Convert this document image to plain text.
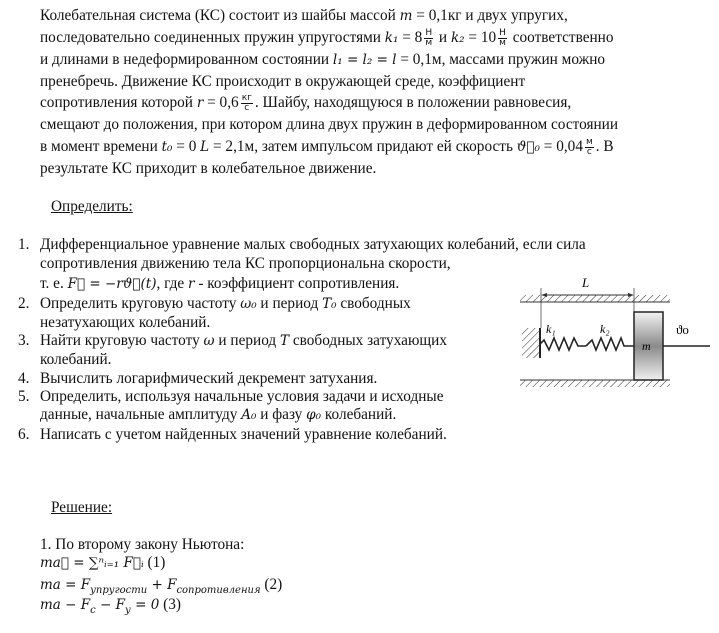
Колебательная система (КС) состоит из шайбы массой m = 0,1кг и двух упругих,
последовательно соединенных пружин упругостями $k_1 = 8 \frac{Н}{м}$ и $k_2 = 10 \frac{Н}{м}$ соответственно
и длинами в недеформированном состоянии l₁ = l₂ = l = 0,1м, массами пружин можно
пренебречь. Движение КС происходит в окружающей среде, коэффициент
сопротивления которой $r = 0,6 \frac{кг}{с}$ . Шайбу, находящуюся в положении равновесия,
смещают до положения, при котором длина двух пружин в деформированном состоянии
в момент времени t₀ = 0 L = 2,1м, затем импульсом придают ей скорость ϑ⃗₀ = $0,04 \frac{м}{с}$ . В
результате КС приходит в колебательное движение.
Определить:
1. Дифференциальное уравнение малых свободных затухающих колебаний, если сила
сопротивления движению тела КС пропорциональна скорости,
т. е. F⃗ = −rϑ⃗(t), где r - коэффициент сопротивления.
2. Определить круговую частоту ω₀ и период T₀ свободных
незатухающих колебаний.
3. Найти круговую частоту ω и период T свободных затухающих
колебаний.
4. Вычислить логарифмический декремент затухания.
5. Определить, используя начальные условия задачи и исходные
данные, начальные амплитуду A₀ и фазу φ₀ колебаний.
6. Написать с учетом найденных значений уравнение колебаний.
Решение:
1. По второму закону Ньютона:
ma⃗ = ∑ⁿᵢ₌₁ F⃗ᵢ (1)
ma = $F_{упругости} + F_{сопротивления}$ (2)
ma − $F_с - F_у = 0$ (3)
L
k₁	k₂
m
ϑo
